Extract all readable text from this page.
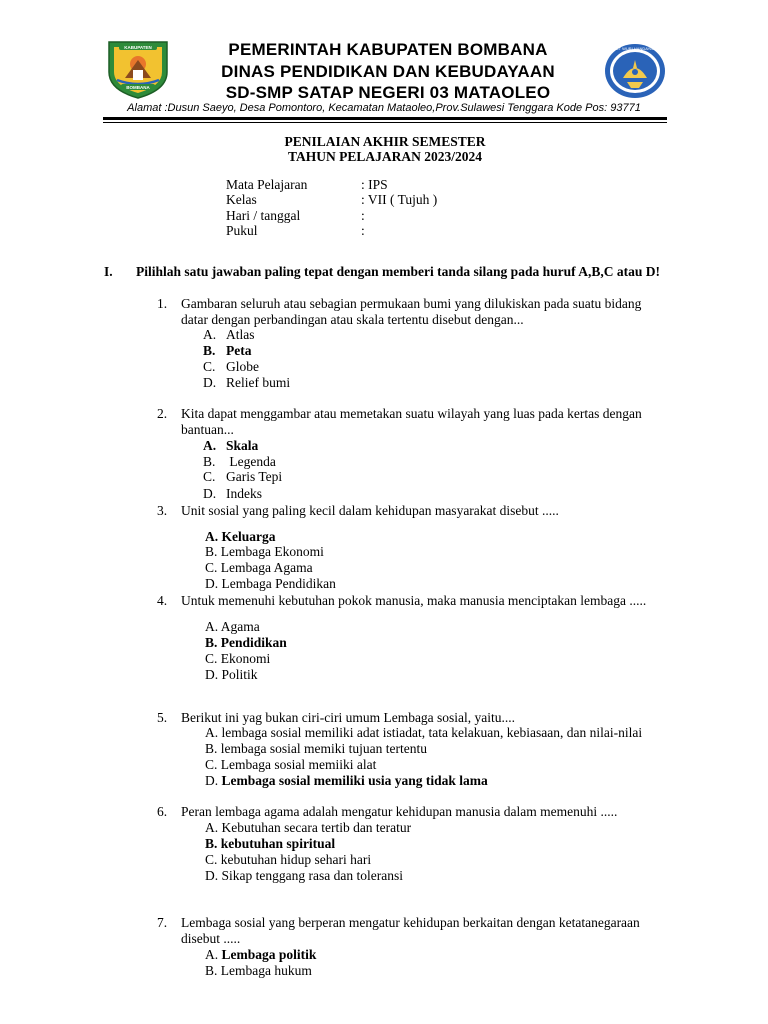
KABUPATEN
BOMBANA
TUT WURI HANDAYANI
PEMERINTAH KABUPATEN BOMBANA
DINAS PENDIDIKAN DAN KEBUDAYAAN
SD-SMP SATAP NEGERI 03 MATAOLEO
Alamat :Dusun Saeyo, Desa Pomontoro, Kecamatan Mataoleo,Prov.Sulawesi Tenggara Kode Pos: 93771
PENILAIAN AKHIR SEMESTER
TAHUN PELAJARAN 2023/2024
Mata Pelajaran	: IPS
Kelas	: VII ( Tujuh )
Hari / tanggal	:
Pukul	:
I. Pilihlah satu jawaban paling tepat dengan memberi tanda silang pada huruf A,B,C atau D!
1. Gambaran seluruh atau sebagian permukaan bumi yang dilukiskan pada suatu bidang datar dengan perbandingan atau skala tertentu disebut dengan...
A. Atlas
B. Peta
C. Globe
D. Relief bumi
2. Kita dapat menggambar atau memetakan suatu wilayah yang luas pada kertas dengan bantuan...
A. Skala
B. Legenda
C. Garis Tepi
D. Indeks
3. Unit sosial yang paling kecil dalam kehidupan masyarakat disebut .....
A. Keluarga
B. Lembaga Ekonomi
C. Lembaga Agama
D. Lembaga Pendidikan
4. Untuk memenuhi kebutuhan pokok manusia, maka manusia menciptakan lembaga .....
A. Agama
B. Pendidikan
C. Ekonomi
D. Politik
5. Berikut ini yag bukan ciri-ciri umum Lembaga sosial, yaitu....
A. lembaga sosial memiliki adat istiadat, tata kelakuan, kebiasaan, dan nilai-nilai
B. lembaga sosial memiki tujuan tertentu
C. Lembaga sosial memiiki alat
D. Lembaga sosial memiliki usia yang tidak lama
6. Peran lembaga agama adalah mengatur kehidupan manusia dalam memenuhi .....
A. Kebutuhan secara tertib dan teratur
B. kebutuhan spiritual
C. kebutuhan hidup sehari hari
D. Sikap tenggang rasa dan toleransi
7. Lembaga sosial yang berperan mengatur kehidupan berkaitan dengan ketatanegaraan disebut .....
A. Lembaga politik
B. Lembaga hukum
